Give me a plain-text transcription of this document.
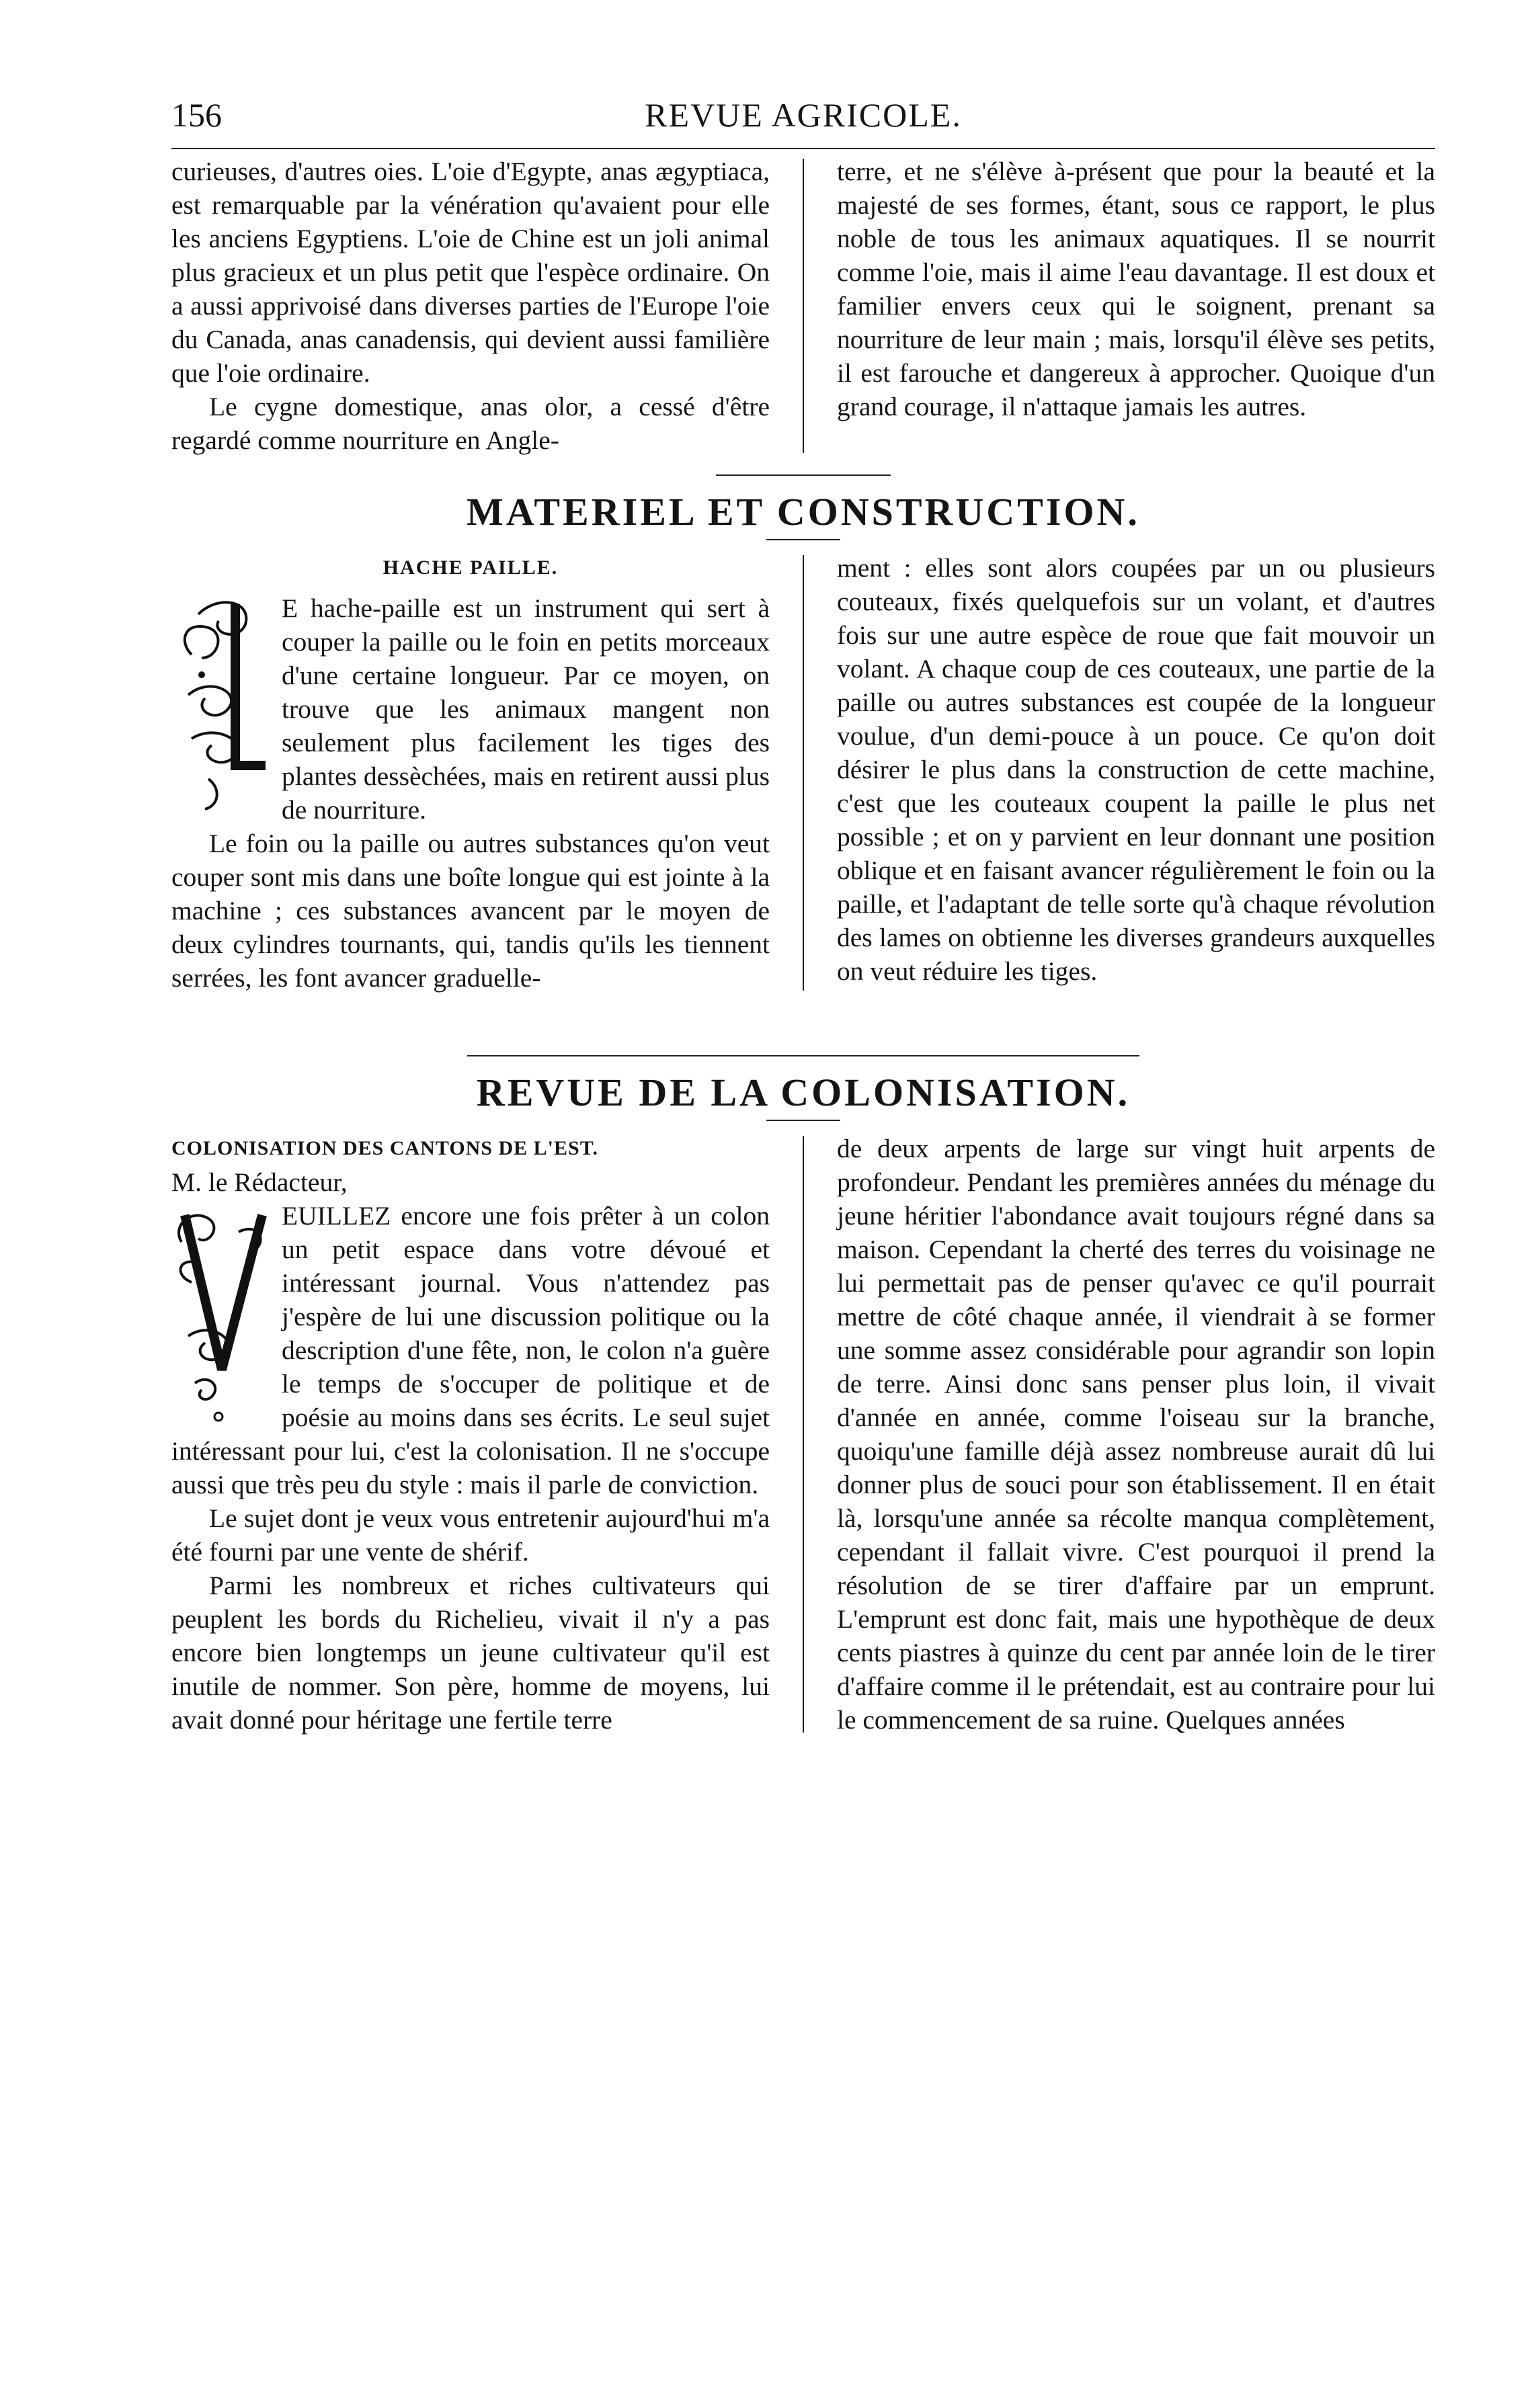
156	REVUE AGRICOLE.

curieuses, d'autres oies. L'oie d'Egypte, anas ægyptiaca, est remarquable par la vénération qu'avaient pour elle les anciens Egyptiens. L'oie de Chine est un joli animal plus gracieux et un plus petit que l'espèce ordinaire. On a aussi apprivoisé dans diverses parties de l'Europe l'oie du Canada, anas canadensis, qui devient aussi familière que l'oie ordinaire.

Le cygne domestique, anas olor, a cessé d'être regardé comme nourriture en Angle-

terre, et ne s'élève à-présent que pour la beauté et la majesté de ses formes, étant, sous ce rapport, le plus noble de tous les animaux aquatiques. Il se nourrit comme l'oie, mais il aime l'eau davantage. Il est doux et familier envers ceux qui le soignent, prenant sa nourriture de leur main ; mais, lorsqu'il élève ses petits, il est farouche et dangereux à approcher. Quoique d'un grand courage, il n'attaque jamais les autres.

MATERIEL ET CONSTRUCTION.
HACHE PAILLE.

E hache-paille est un instrument qui sert à couper la paille ou le foin en petits morceaux d'une certaine longueur. Par ce moyen, on trouve que les animaux mangent non seulement plus facilement les tiges des plantes dessèchées, mais en retirent aussi plus de nourriture.

Le foin ou la paille ou autres substances qu'on veut couper sont mis dans une boîte longue qui est jointe à la machine ; ces substances avancent par le moyen de deux cylindres tournants, qui, tandis qu'ils les tiennent serrées, les font avancer graduelle-

ment : elles sont alors coupées par un ou plusieurs couteaux, fixés quelquefois sur un volant, et d'autres fois sur une autre espèce de roue que fait mouvoir un volant. A chaque coup de ces couteaux, une partie de la paille ou autres substances est coupée de la longueur voulue, d'un demi-pouce à un pouce. Ce qu'on doit désirer le plus dans la construction de cette machine, c'est que les couteaux coupent la paille le plus net possible ; et on y parvient en leur donnant une position oblique et en faisant avancer régulièrement le foin ou la paille, et l'adaptant de telle sorte qu'à chaque révolution des lames on obtienne les diverses grandeurs auxquelles on veut réduire les tiges.

REVUE DE LA COLONISATION.
COLONISATION DES CANTONS DE L'EST.

M. le Rédacteur,

EUILLEZ encore une fois prêter à un colon un petit espace dans votre dévoué et intéressant journal. Vous n'attendez pas j'espère de lui une discussion politique ou la description d'une fête, non, le colon n'a guère le temps de s'occuper de politique et de poésie au moins dans ses écrits. Le seul sujet intéressant pour lui, c'est la colonisation. Il ne s'occupe aussi que très peu du style : mais il parle de conviction.

Le sujet dont je veux vous entretenir aujourd'hui m'a été fourni par une vente de shérif.

Parmi les nombreux et riches cultivateurs qui peuplent les bords du Richelieu, vivait il n'y a pas encore bien longtemps un jeune cultivateur qu'il est inutile de nommer. Son père, homme de moyens, lui avait donné pour héritage une fertile terre

de deux arpents de large sur vingt huit arpents de profondeur. Pendant les premières années du ménage du jeune héritier l'abondance avait toujours régné dans sa maison. Cependant la cherté des terres du voisinage ne lui permettait pas de penser qu'avec ce qu'il pourrait mettre de côté chaque année, il viendrait à se former une somme assez considérable pour agrandir son lopin de terre. Ainsi donc sans penser plus loin, il vivait d'année en année, comme l'oiseau sur la branche, quoiqu'une famille déjà assez nombreuse aurait dû lui donner plus de souci pour son établissement. Il en était là, lorsqu'une année sa récolte manqua complètement, cependant il fallait vivre. C'est pourquoi il prend la résolution de se tirer d'affaire par un emprunt. L'emprunt est donc fait, mais une hypothèque de deux cents piastres à quinze du cent par année loin de le tirer d'affaire comme il le prétendait, est au contraire pour lui le commencement de sa ruine. Quelques années
